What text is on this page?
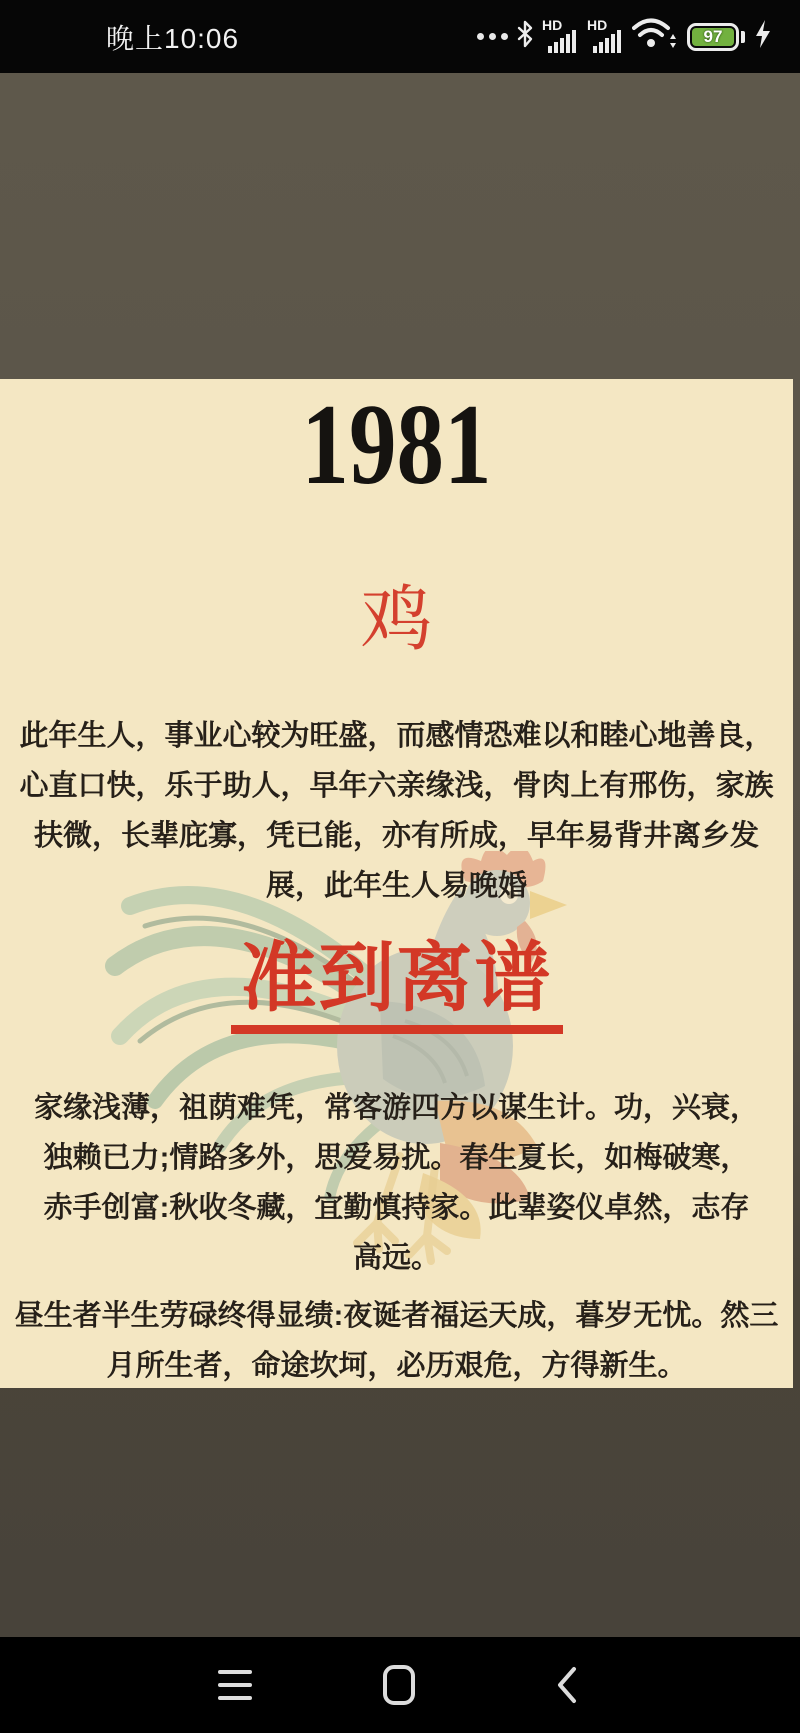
晚上10:06	HD HD
97
1981
鸡
此年生人，事业心较为旺盛，而感情恐难以和睦心地善良，
心直口快，乐于助人，早年六亲缘浅，骨肉上有邢伤，家族
扶微，长辈庇寡，凭已能，亦有所成，早年易背井离乡发
展，此年生人易晚婚
准到离谱
家缘浅薄，祖荫难凭，常客游四方以谋生计。功，兴衰，
独赖已力;情路多外，思爱易扰。春生夏长，如梅破寒，
赤手创富:秋收冬藏，宜勤慎持家。此辈姿仪卓然，志存
高远。
昼生者半生劳碌终得显绩:夜诞者福运天成，暮岁无忧。然三
月所生者，命途坎坷，必历艰危，方得新生。
